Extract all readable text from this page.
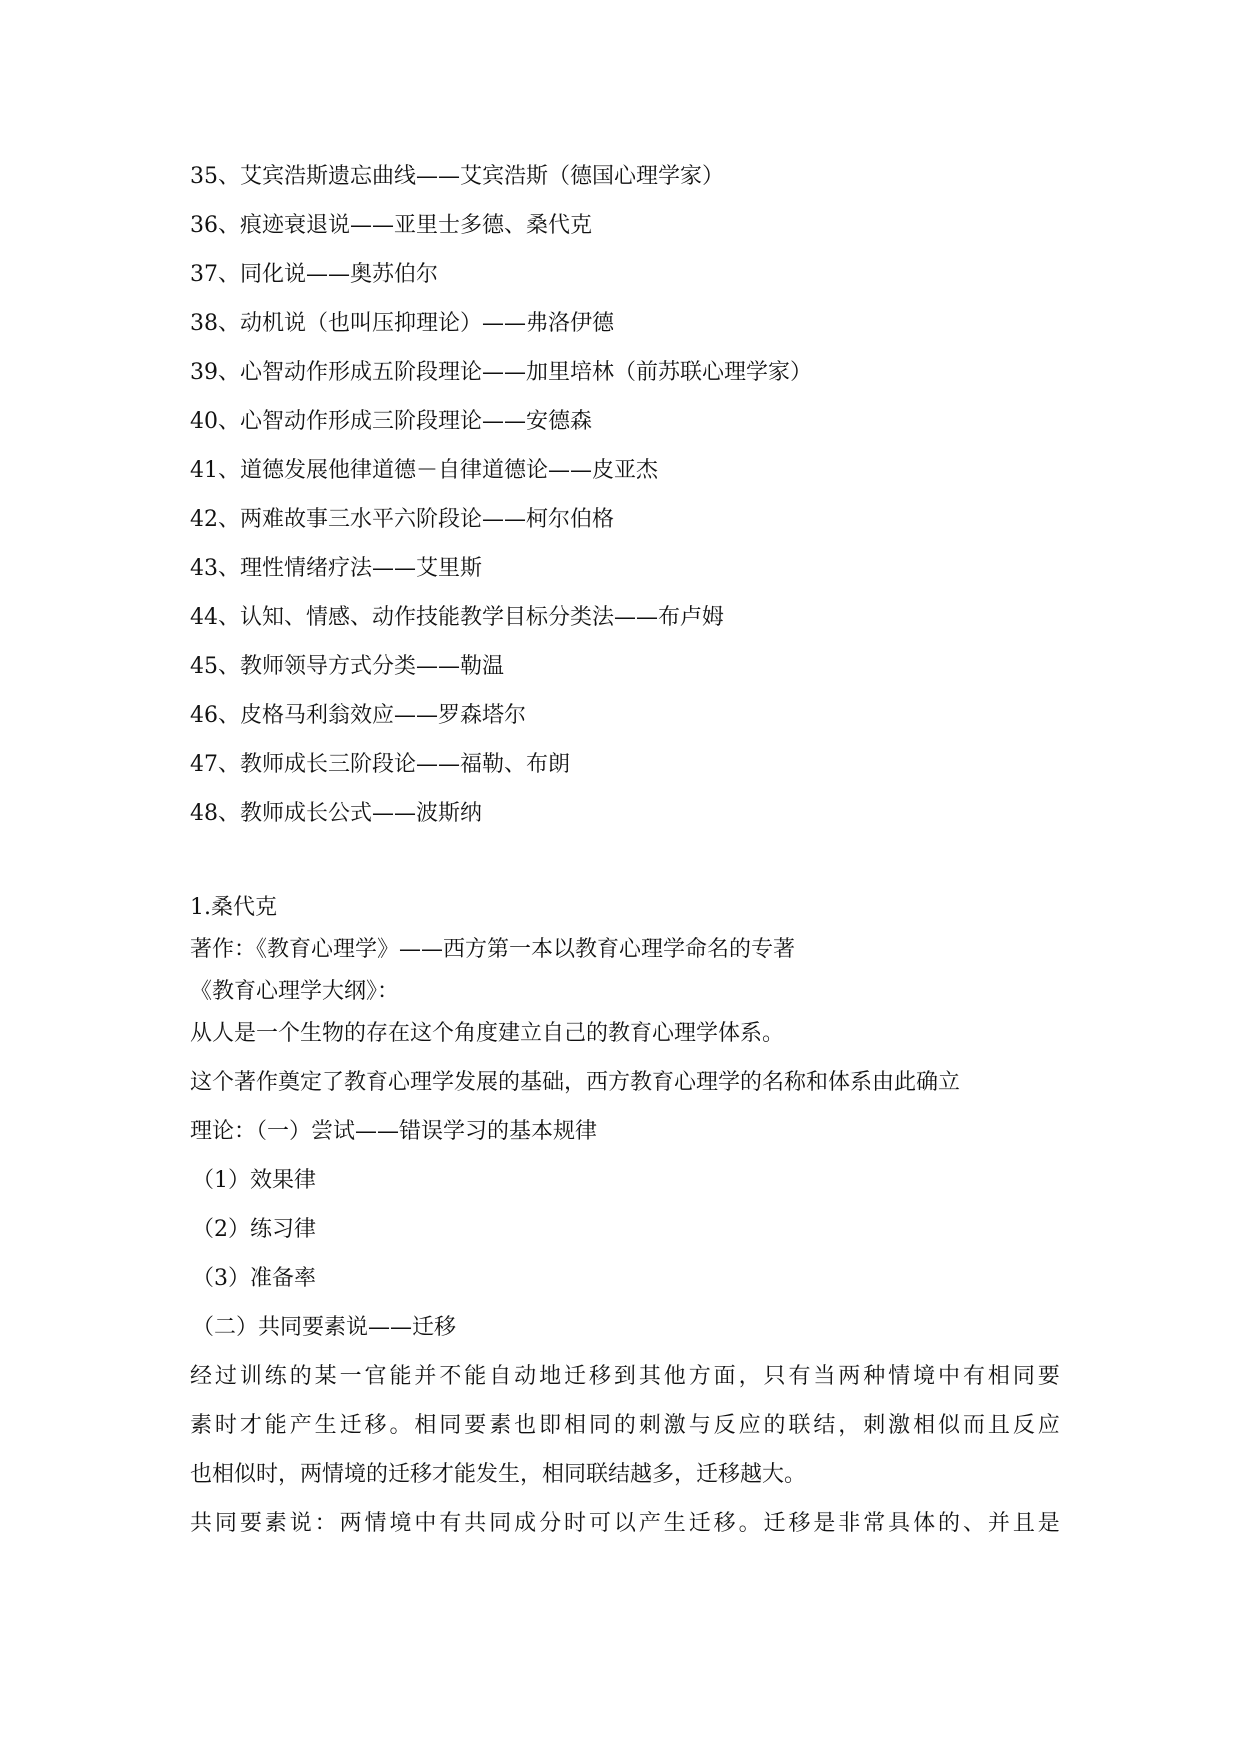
35、艾宾浩斯遗忘曲线——艾宾浩斯（德国心理学家）
36、痕迹衰退说——亚里士多德、桑代克
37、同化说——奥苏伯尔
38、动机说（也叫压抑理论）——弗洛伊德
39、心智动作形成五阶段理论——加里培林（前苏联心理学家）
40、心智动作形成三阶段理论——安德森
41、道德发展他律道德－自律道德论——皮亚杰
42、两难故事三水平六阶段论——柯尔伯格
43、理性情绪疗法——艾里斯
44、认知、情感、动作技能教学目标分类法——布卢姆
45、教师领导方式分类——勒温
46、皮格马利翁效应——罗森塔尔
47、教师成长三阶段论——福勒、布朗
48、教师成长公式——波斯纳
1.桑代克
著作：《教育心理学》——西方第一本以教育心理学命名的专著
《教育心理学大纲》：
从人是一个生物的存在这个角度建立自己的教育心理学体系。
这个著作奠定了教育心理学发展的基础，西方教育心理学的名称和体系由此确立
理论：（一）尝试——错误学习的基本规律
（1）效果律
（2）练习律
（3）准备率
（二）共同要素说——迁移
经过训练的某一官能并不能自动地迁移到其他方面，只有当两种情境中有相同要
素时才能产生迁移。相同要素也即相同的刺激与反应的联结，刺激相似而且反应
也相似时，两情境的迁移才能发生，相同联结越多，迁移越大。
共同要素说：两情境中有共同成分时可以产生迁移。迁移是非常具体的、并且是
